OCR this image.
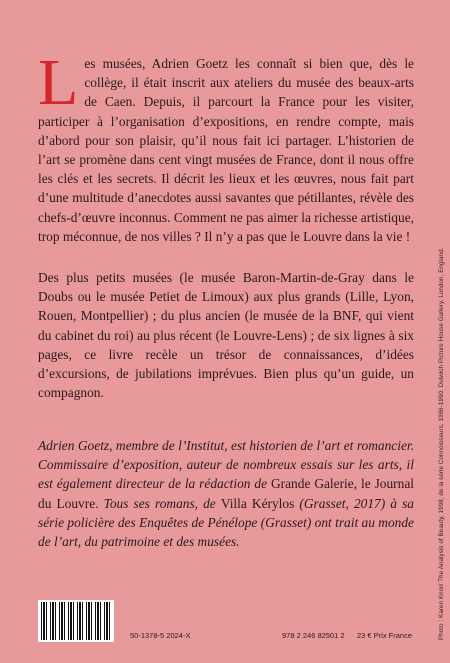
Les musées, Adrien Goetz les connaît si bien que, dès le collège, il était inscrit aux ateliers du musée des beaux-arts de Caen. Depuis, il parcourt la France pour les visiter, participer à l’organisation d’expositions, en rendre compte, mais d’abord pour son plaisir, qu’il nous fait ici partager. L’historien de l’art se promène dans cent vingt musées de France, dont il nous offre les clés et les secrets. Il décrit les lieux et les œuvres, nous fait part d’une multitude d’anecdotes aussi savantes que pétillantes, révèle des chefs-d’œuvre inconnus. Comment ne pas aimer la richesse artistique, trop méconnue, de nos villes ? Il n’y a pas que le Louvre dans la vie !
Des plus petits musées (le musée Baron-Martin-de-Gray dans le Doubs ou le musée Petiet de Limoux) aux plus grands (Lille, Lyon, Rouen, Montpellier) ; du plus ancien (le musée de la BNF, qui vient du cabinet du roi) au plus récent (le Louvre-Lens) ; de six lignes à six pages, ce livre recèle un trésor de connaissances, d’idées d’excursions, de jubilations imprévues. Bien plus qu’un guide, un compagnon.
Adrien Goetz, membre de l’Institut, est historien de l’art et romancier. Commissaire d’exposition, auteur de nombreux essais sur les arts, il est également directeur de la rédaction de Grande Galerie, le Journal du Louvre. Tous ses romans, de Villa Kérylos (Grasset, 2017) à sa série policière des Enquêtes de Pénélope (Grasset) ont trait au monde de l’art, du patrimoine et des musées.	Photo : Karen Knorr The Analysis of Beauty, 1998, de la série Connoisseurs, 1986-1990. Dulwich Picture House Gallery, London, England.
50-1378-5 2024-X	978 2 246 82501 2 23 € Prix France
